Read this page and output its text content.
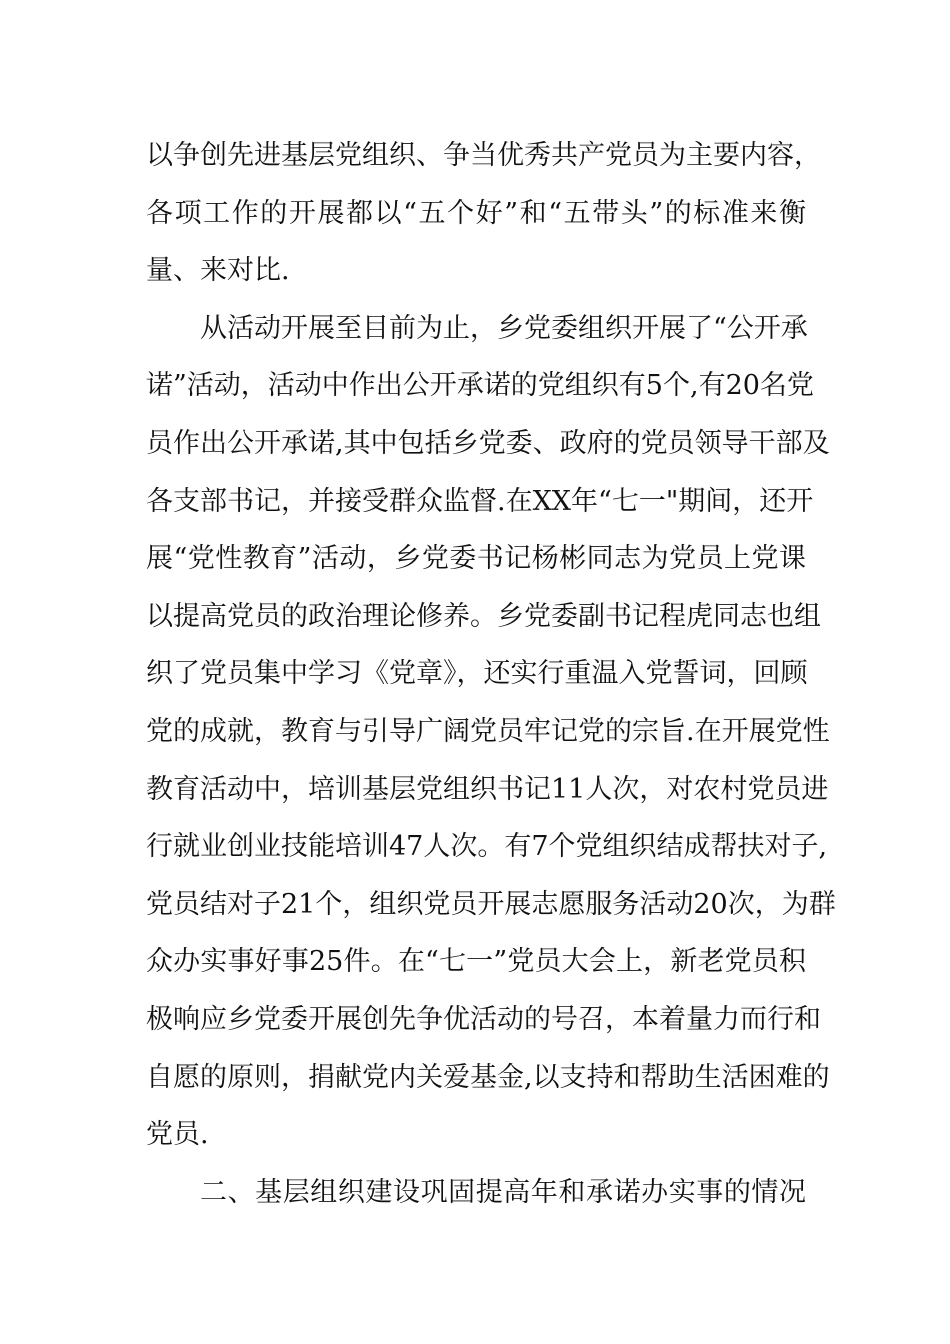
以争创先进基层党组织、争当优秀共产党员为主要内容，
各项工作的开展都以“五个好”和“五带头”的标准来衡
量、来对比.
从活动开展至目前为止，乡党委组织开展了“公开承
诺”活动，活动中作出公开承诺的党组织有5个,有20名党
员作出公开承诺,其中包括乡党委、政府的党员领导干部及
各支部书记，并接受群众监督.在XX年“七一"期间，还开
展“党性教育”活动，乡党委书记杨彬同志为党员上党课
以提高党员的政治理论修养。乡党委副书记程虎同志也组
织了党员集中学习《党章》，还实行重温入党誓词，回顾
党的成就，教育与引导广阔党员牢记党的宗旨.在开展党性
教育活动中，培训基层党组织书记11人次，对农村党员进
行就业创业技能培训47人次。有7个党组织结成帮扶对子,
党员结对子21个，组织党员开展志愿服务活动20次，为群
众办实事好事25件。在“七一”党员大会上，新老党员积
极响应乡党委开展创先争优活动的号召，本着量力而行和
自愿的原则，捐献党内关爱基金,以支持和帮助生活困难的
党员.
二、基层组织建设巩固提高年和承诺办实事的情况
